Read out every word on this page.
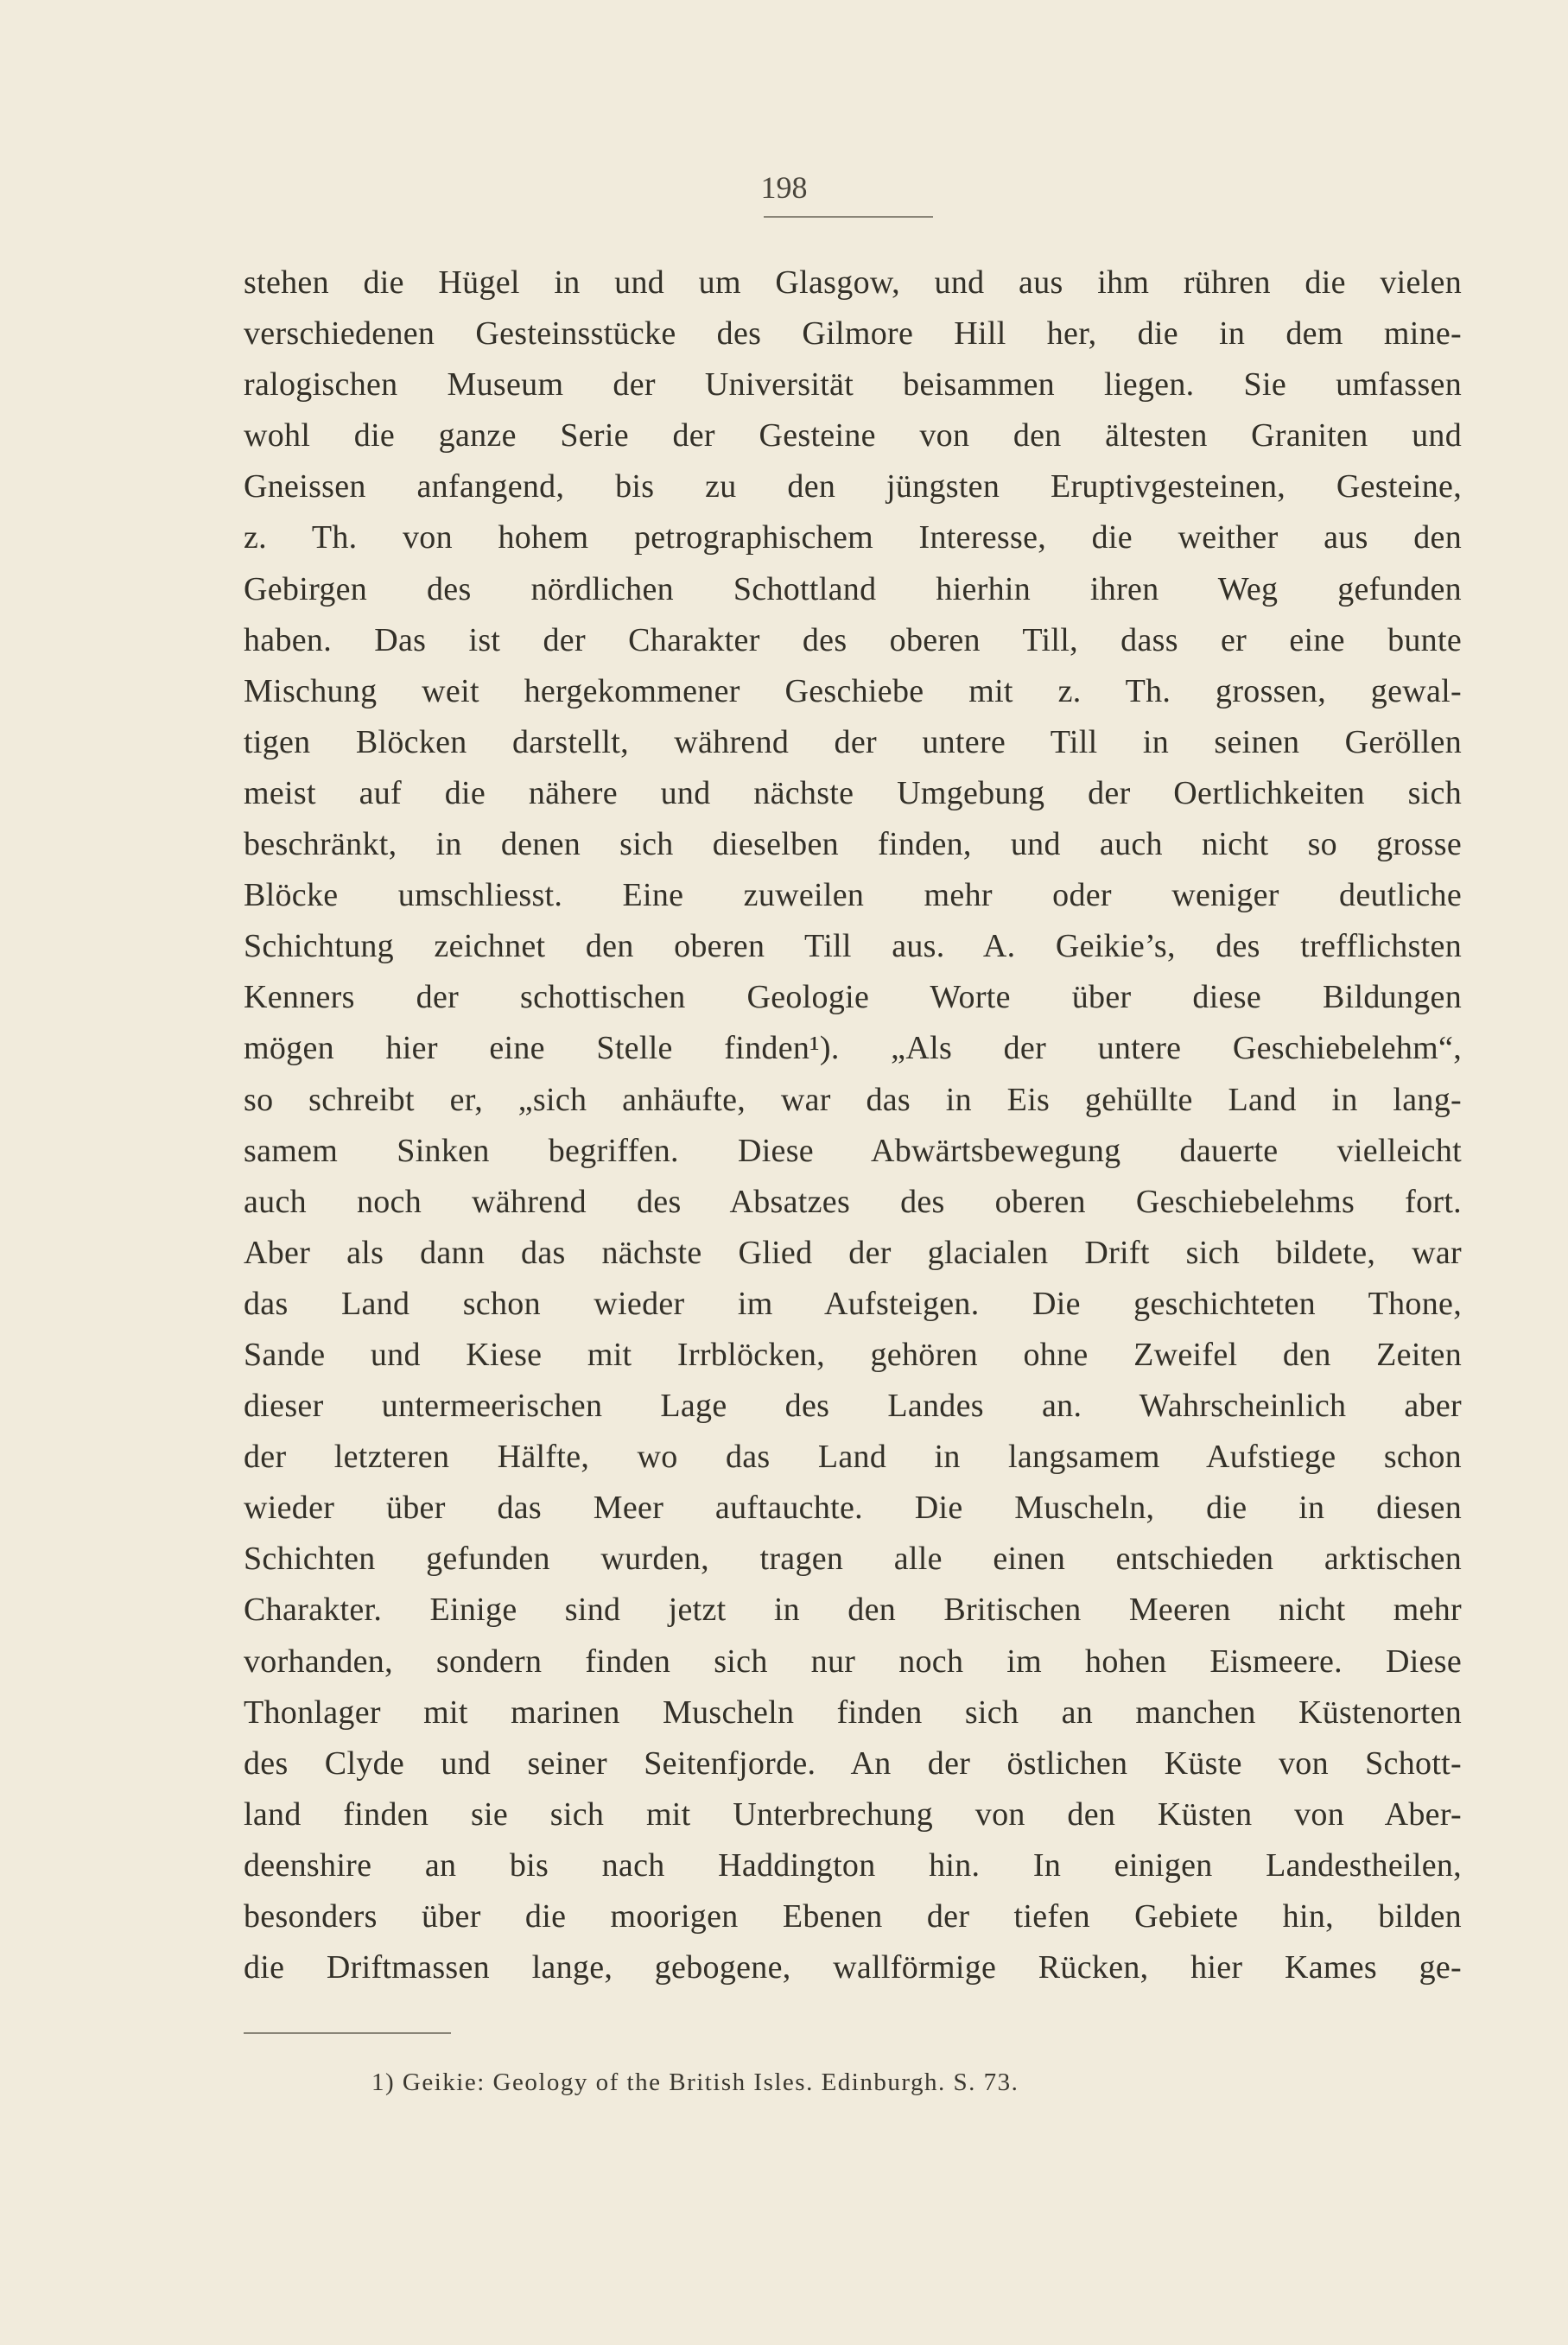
198
stehen die Hügel in und um Glasgow, und aus ihm rühren die vielen
verschiedenen Gesteinsstücke des Gilmore Hill her, die in dem mine-
ralogischen Museum der Universität beisammen liegen. Sie umfassen
wohl die ganze Serie der Gesteine von den ältesten Graniten und
Gneissen anfangend, bis zu den jüngsten Eruptivgesteinen, Gesteine,
z. Th. von hohem petrographischem Interesse, die weither aus den
Gebirgen des nördlichen Schottland hierhin ihren Weg gefunden
haben. Das ist der Charakter des oberen Till, dass er eine bunte
Mischung weit hergekommener Geschiebe mit z. Th. grossen, gewal-
tigen Blöcken darstellt, während der untere Till in seinen Geröllen
meist auf die nähere und nächste Umgebung der Oertlichkeiten sich
beschränkt, in denen sich dieselben finden, und auch nicht so grosse
Blöcke umschliesst. Eine zuweilen mehr oder weniger deutliche
Schichtung zeichnet den oberen Till aus. A. Geikie’s, des trefflichsten
Kenners der schottischen Geologie Worte über diese Bildungen
mögen hier eine Stelle finden¹). „Als der untere Geschiebelehm“,
so schreibt er, „sich anhäufte, war das in Eis gehüllte Land in lang-
samem Sinken begriffen. Diese Abwärtsbewegung dauerte vielleicht
auch noch während des Absatzes des oberen Geschiebelehms fort.
Aber als dann das nächste Glied der glacialen Drift sich bildete, war
das Land schon wieder im Aufsteigen. Die geschichteten Thone,
Sande und Kiese mit Irrblöcken, gehören ohne Zweifel den Zeiten
dieser untermeerischen Lage des Landes an. Wahrscheinlich aber
der letzteren Hälfte, wo das Land in langsamem Aufstiege schon
wieder über das Meer auftauchte. Die Muscheln, die in diesen
Schichten gefunden wurden, tragen alle einen entschieden arktischen
Charakter. Einige sind jetzt in den Britischen Meeren nicht mehr
vorhanden, sondern finden sich nur noch im hohen Eismeere. Diese
Thonlager mit marinen Muscheln finden sich an manchen Küstenorten
des Clyde und seiner Seitenfjorde. An der östlichen Küste von Schott-
land finden sie sich mit Unterbrechung von den Küsten von Aber-
deenshire an bis nach Haddington hin. In einigen Landestheilen,
besonders über die moorigen Ebenen der tiefen Gebiete hin, bilden
die Driftmassen lange, gebogene, wallförmige Rücken, hier Kames ge-
1) Geikie: Geology of the British Isles. Edinburgh. S. 73.
